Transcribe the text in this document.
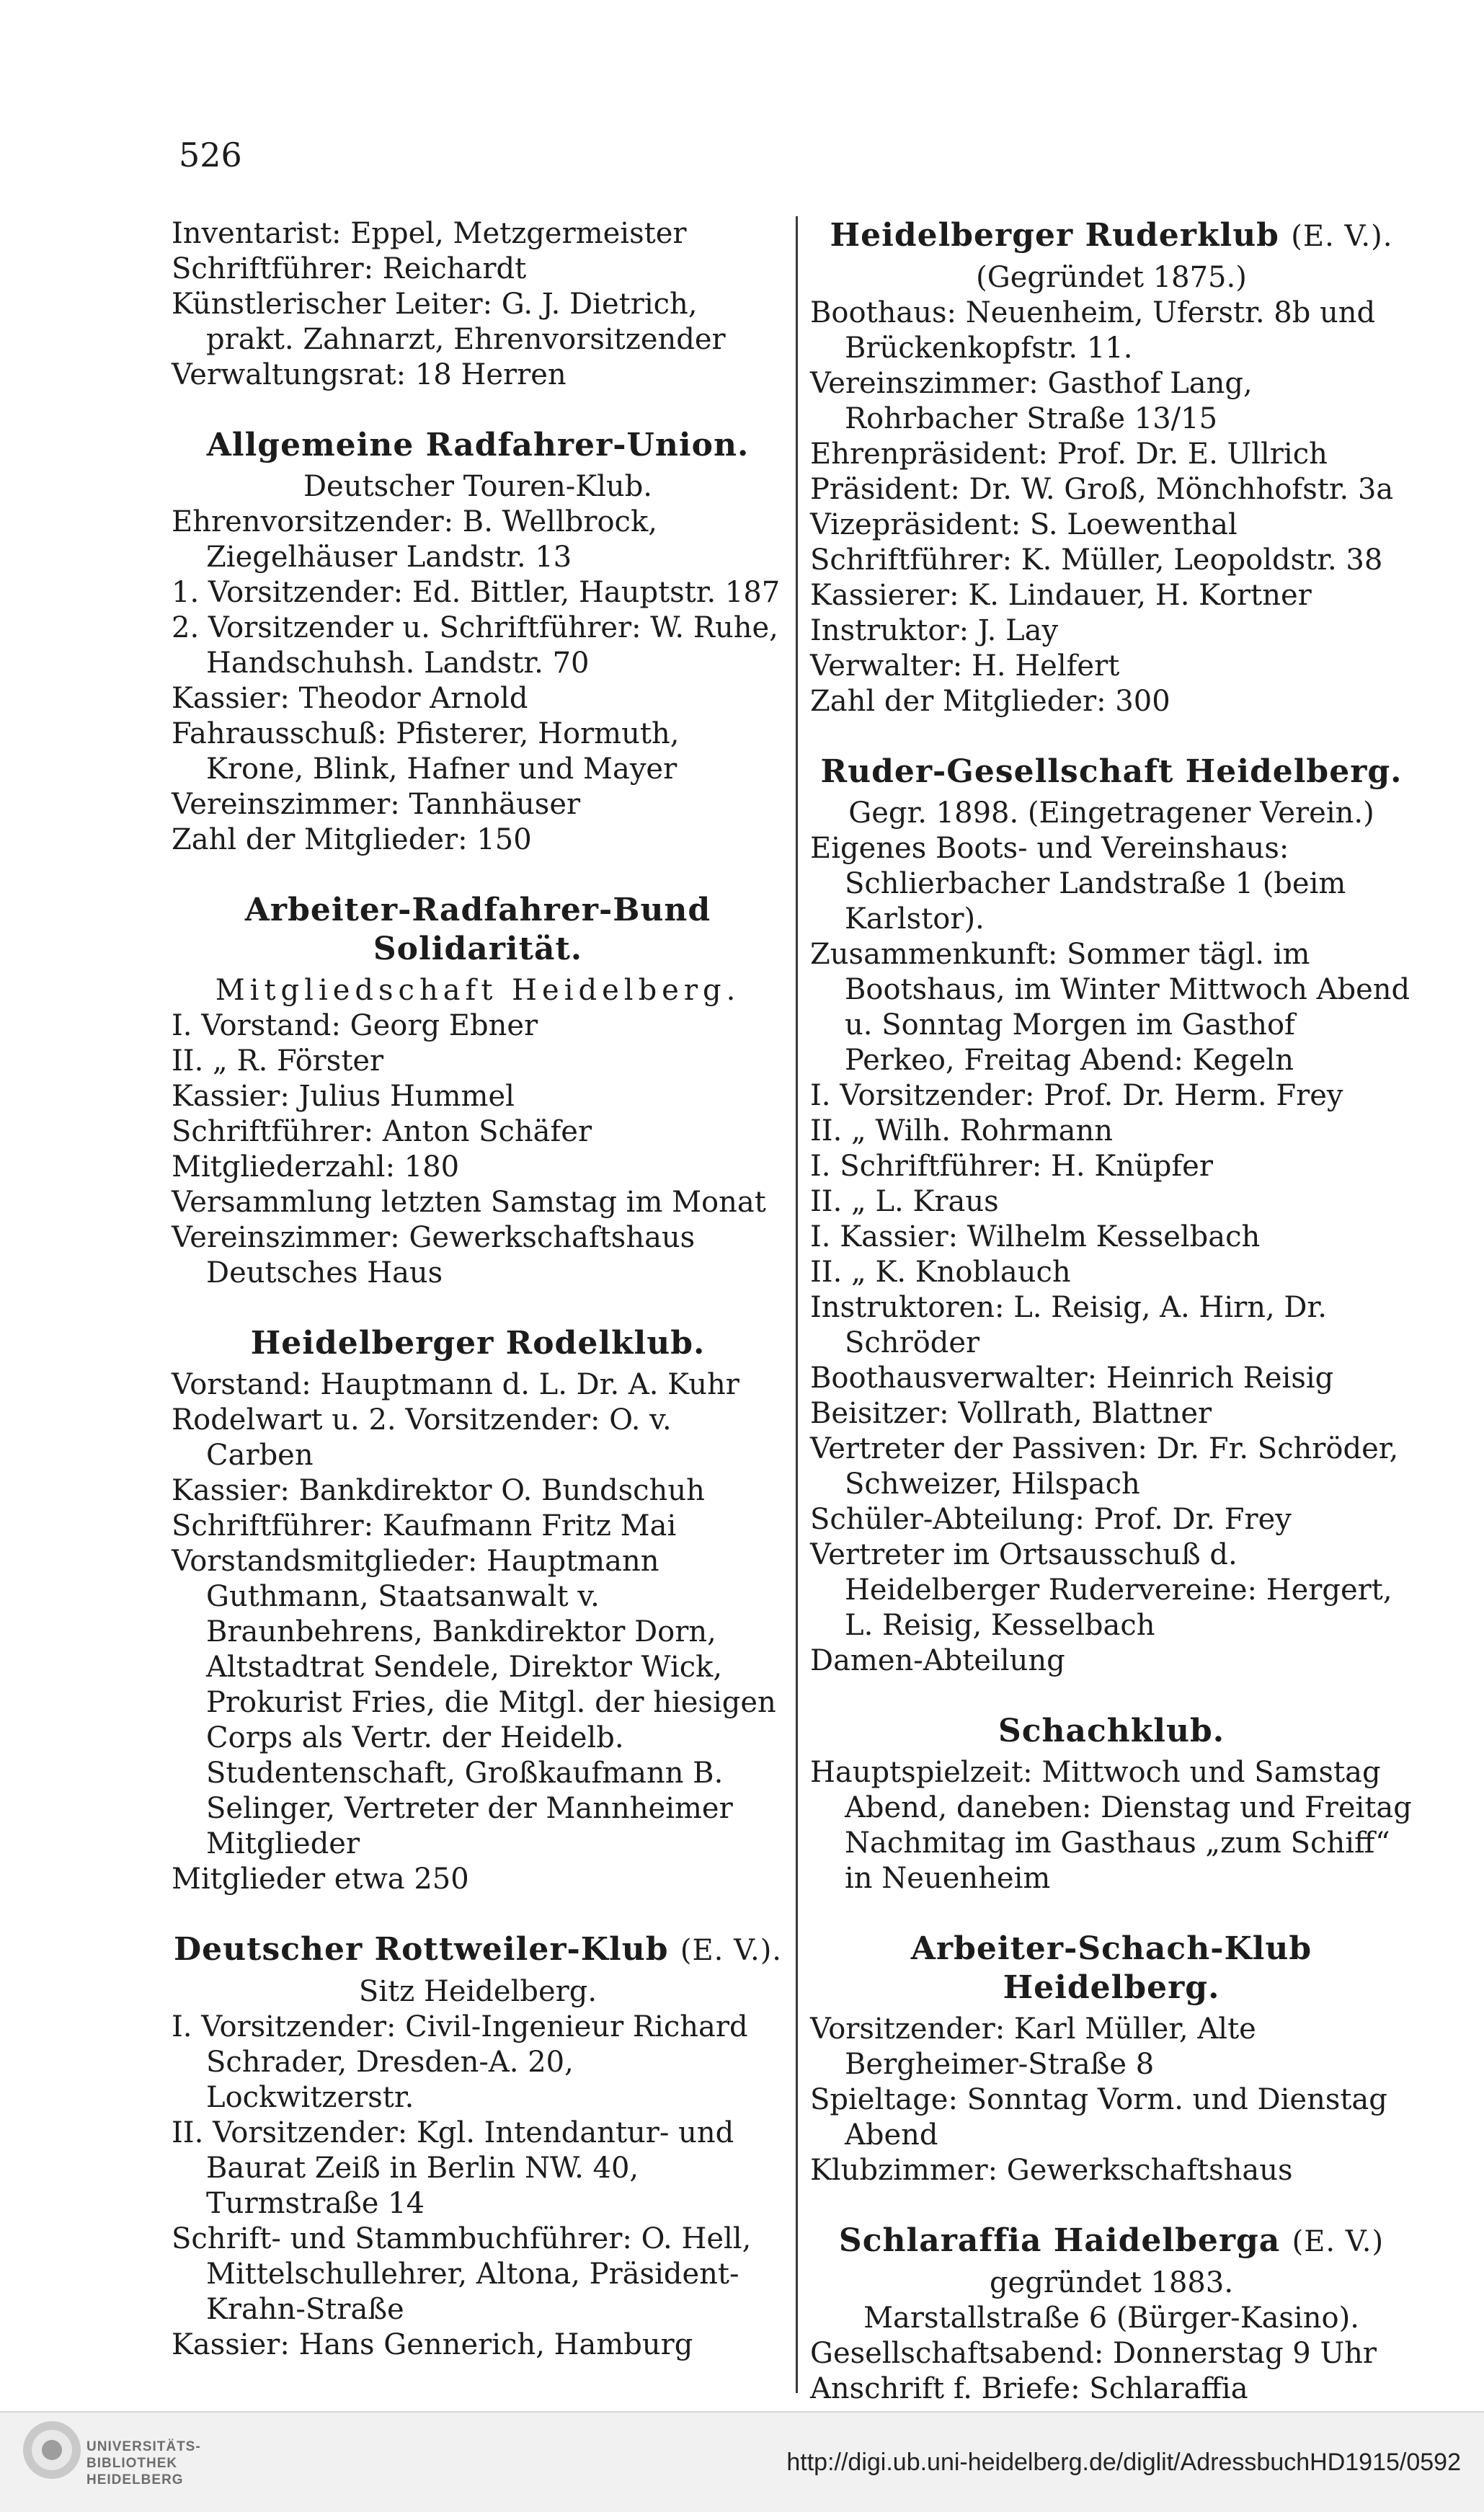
526
Inventarist: Eppel, Metzgermeister
Schriftführer: Reichardt
Künstlerischer Leiter: G. J. Dietrich, prakt. Zahnarzt, Ehrenvorsitzender
Verwaltungsrat: 18 Herren
Allgemeine Radfahrer-Union.
Deutscher Touren-Klub.
Ehrenvorsitzender: B. Wellbrock, Ziegelhäuser Landstr. 13
1. Vorsitzender: Ed. Bittler, Hauptstr. 187
2. Vorsitzender u. Schriftführer: W. Ruhe, Handschuhsh. Landstr. 70
Kassier: Theodor Arnold
Fahrausschuß: Pfisterer, Hormuth, Krone, Blink, Hafner und Mayer
Vereinszimmer: Tannhäuser
Zahl der Mitglieder: 150
Arbeiter-Radfahrer-Bund Solidarität.
Mitgliedschaft Heidelberg.
I. Vorstand: Georg Ebner
II. „ R. Förster
Kassier: Julius Hummel
Schriftführer: Anton Schäfer
Mitgliederzahl: 180
Versammlung letzten Samstag im Monat
Vereinszimmer: Gewerkschaftshaus Deutsches Haus
Heidelberger Rodelklub.
Vorstand: Hauptmann d. L. Dr. A. Kuhr
Rodelwart u. 2. Vorsitzender: O. v. Carben
Kassier: Bankdirektor O. Bundschuh
Schriftführer: Kaufmann Fritz Mai
Vorstandsmitglieder: Hauptmann Guthmann, Staatsanwalt v. Braunbehrens, Bankdirektor Dorn, Altstadtrat Sendele, Direktor Wick, Prokurist Fries, die Mitgl. der hiesigen Corps als Vertr. der Heidelb. Studentenschaft, Großkaufmann B. Selinger, Vertreter der Mannheimer Mitglieder
Mitglieder etwa 250
Deutscher Rottweiler-Klub (E. V.).
Sitz Heidelberg.
I. Vorsitzender: Civil-Ingenieur Richard Schrader, Dresden-A. 20, Lockwitzerstr.
II. Vorsitzender: Kgl. Intendantur- und Baurat Zeiß in Berlin NW. 40, Turmstraße 14
Schrift- und Stammbuchführer: O. Hell, Mittelschullehrer, Altona, Präsident-Krahn-Straße
Kassier: Hans Gennerich, Hamburg
Heidelberger Ruderklub (E. V.).
(Gegründet 1875.)
Boothaus: Neuenheim, Uferstr. 8b und Brückenkopfstr. 11.
Vereinszimmer: Gasthof Lang, Rohrbacher Straße 13/15
Ehrenpräsident: Prof. Dr. E. Ullrich
Präsident: Dr. W. Groß, Mönchhofstr. 3a
Vizepräsident: S. Loewenthal
Schriftführer: K. Müller, Leopoldstr. 38
Kassierer: K. Lindauer, H. Kortner
Instruktor: J. Lay
Verwalter: H. Helfert
Zahl der Mitglieder: 300
Ruder-Gesellschaft Heidelberg.
Gegr. 1898. (Eingetragener Verein.)
Eigenes Boots- und Vereinshaus: Schlierbacher Landstraße 1 (beim Karlstor).
Zusammenkunft: Sommer tägl. im Bootshaus, im Winter Mittwoch Abend u. Sonntag Morgen im Gasthof Perkeo, Freitag Abend: Kegeln
I. Vorsitzender: Prof. Dr. Herm. Frey
II. „ Wilh. Rohrmann
I. Schriftführer: H. Knüpfer
II. „ L. Kraus
I. Kassier: Wilhelm Kesselbach
II. „ K. Knoblauch
Instruktoren: L. Reisig, A. Hirn, Dr. Schröder
Boothausverwalter: Heinrich Reisig
Beisitzer: Vollrath, Blattner
Vertreter der Passiven: Dr. Fr. Schröder, Schweizer, Hilspach
Schüler-Abteilung: Prof. Dr. Frey
Vertreter im Ortsausschuß d. Heidelberger Rudervereine: Hergert, L. Reisig, Kesselbach
Damen-Abteilung
Schachklub.
Hauptspielzeit: Mittwoch und Samstag Abend, daneben: Dienstag und Freitag Nachmitag im Gasthaus „zum Schiff“ in Neuenheim
Arbeiter-Schach-Klub Heidelberg.
Vorsitzender: Karl Müller, Alte Bergheimer-Straße 8
Spieltage: Sonntag Vorm. und Dienstag Abend
Klubzimmer: Gewerkschaftshaus
Schlaraffia Haidelberga (E. V.)
gegründet 1883.
Marstallstraße 6 (Bürger-Kasino).
Gesellschaftsabend: Donnerstag 9 Uhr
Anschrift f. Briefe: Schlaraffia
UNIVERSITÄTS-
BIBLIOTHEK
HEIDELBERG
http://digi.ub.uni-heidelberg.de/diglit/AdressbuchHD1915/0592
